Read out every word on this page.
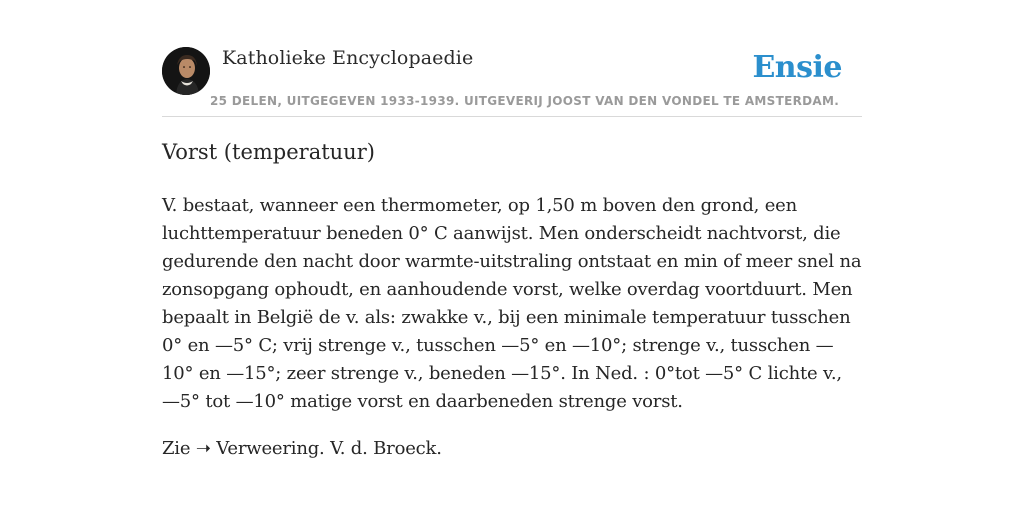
Katholieke Encyclopaedie
25 DELEN, UITGEGEVEN 1933-1939. UITGEVERIJ JOOST VAN DEN VONDEL TE AMSTERDAM.
Ensie
Vorst (temperatuur)

V. bestaat, wanneer een thermometer, op 1,50 m boven den grond, een luchttemperatuur beneden 0° C aanwijst. Men onderscheidt nachtvorst, die gedurende den nacht door warmte-uitstraling ontstaat en min of meer snel na zonsopgang ophoudt, en aanhoudende vorst, welke overdag voortduurt. Men bepaalt in België de v. als: zwakke v., bij een minimale temperatuur tusschen 0° en —5° C; vrij strenge v., tusschen —5° en —10°; strenge v., tusschen —10° en —15°; zeer strenge v., beneden —15°. In Ned. : 0°tot —5° C lichte v., —5° tot —10° matige vorst en daarbeneden strenge vorst.

Zie ➝ Verweering. V. d. Broeck.
